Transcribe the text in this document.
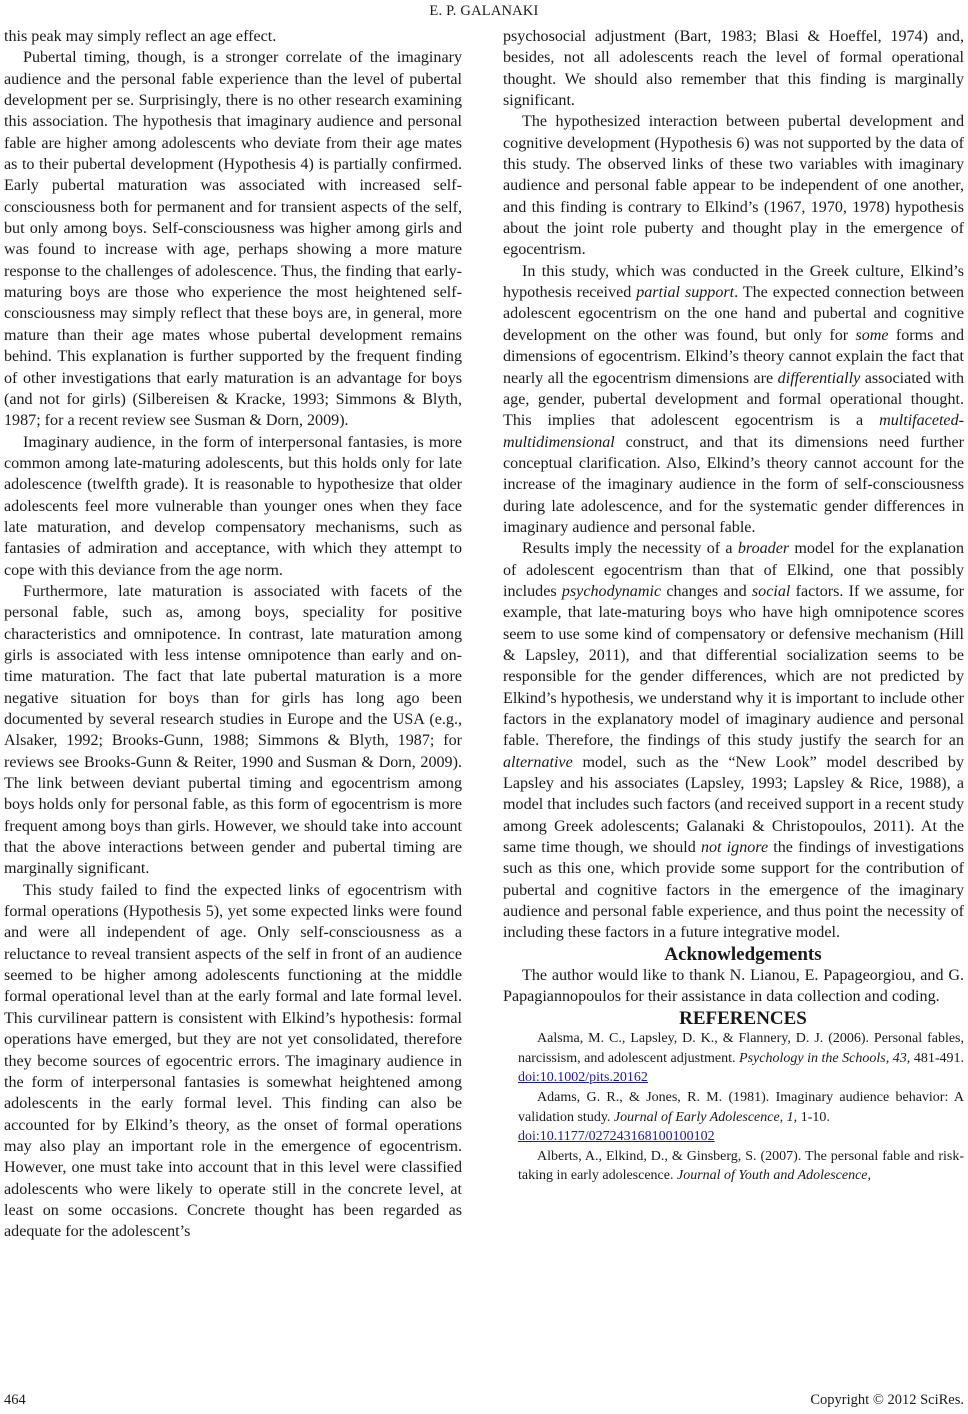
E. P. GALANAKI

this peak may simply reflect an age effect.

Pubertal timing, though, is a stronger correlate of the imaginary audience and the personal fable experience than the level of pubertal development per se. Surprisingly, there is no other research examining this association. The hypothesis that imaginary audience and personal fable are higher among adolescents who deviate from their age mates as to their pubertal development (Hypothesis 4) is partially confirmed. Early pubertal maturation was associated with increased self-consciousness both for permanent and for transient aspects of the self, but only among boys. Self-consciousness was higher among girls and was found to increase with age, perhaps showing a more mature response to the challenges of adolescence. Thus, the finding that early-maturing boys are those who experience the most heightened self-consciousness may simply reflect that these boys are, in general, more mature than their age mates whose pubertal development remains behind. This explanation is further supported by the frequent finding of other investigations that early maturation is an advantage for boys (and not for girls) (Silbereisen & Kracke, 1993; Simmons & Blyth, 1987; for a recent review see Susman & Dorn, 2009).

Imaginary audience, in the form of interpersonal fantasies, is more common among late-maturing adolescents, but this holds only for late adolescence (twelfth grade). It is reasonable to hypothesize that older adolescents feel more vulnerable than younger ones when they face late maturation, and develop compensatory mechanisms, such as fantasies of admiration and acceptance, with which they attempt to cope with this deviance from the age norm.

Furthermore, late maturation is associated with facets of the personal fable, such as, among boys, speciality for positive characteristics and omnipotence. In contrast, late maturation among girls is associated with less intense omnipotence than early and on-time maturation. The fact that late pubertal maturation is a more negative situation for boys than for girls has long ago been documented by several research studies in Europe and the USA (e.g., Alsaker, 1992; Brooks-Gunn, 1988; Simmons & Blyth, 1987; for reviews see Brooks-Gunn & Reiter, 1990 and Susman & Dorn, 2009). The link between deviant pubertal timing and egocentrism among boys holds only for personal fable, as this form of egocentrism is more frequent among boys than girls. However, we should take into account that the above interactions between gender and pubertal timing are marginally significant.

This study failed to find the expected links of egocentrism with formal operations (Hypothesis 5), yet some expected links were found and were all independent of age. Only self-consciousness as a reluctance to reveal transient aspects of the self in front of an audience seemed to be higher among adolescents functioning at the middle formal operational level than at the early formal and late formal level. This curvilinear pattern is consistent with Elkind’s hypothesis: formal operations have emerged, but they are not yet consolidated, therefore they become sources of egocentric errors. The imaginary audience in the form of interpersonal fantasies is somewhat heightened among adolescents in the early formal level. This finding can also be accounted for by Elkind’s theory, as the onset of formal operations may also play an important role in the emergence of egocentrism. However, one must take into account that in this level were classified adolescents who were likely to operate still in the concrete level, at least on some occasions. Concrete thought has been regarded as adequate for the adolescent’s

psychosocial adjustment (Bart, 1983; Blasi & Hoeffel, 1974) and, besides, not all adolescents reach the level of formal operational thought. We should also remember that this finding is marginally significant.

The hypothesized interaction between pubertal development and cognitive development (Hypothesis 6) was not supported by the data of this study. The observed links of these two variables with imaginary audience and personal fable appear to be independent of one another, and this finding is contrary to Elkind’s (1967, 1970, 1978) hypothesis about the joint role puberty and thought play in the emergence of egocentrism.

In this study, which was conducted in the Greek culture, Elkind’s hypothesis received partial support. The expected connection between adolescent egocentrism on the one hand and pubertal and cognitive development on the other was found, but only for some forms and dimensions of egocentrism. Elkind’s theory cannot explain the fact that nearly all the egocentrism dimensions are differentially associated with age, gender, pubertal development and formal operational thought. This implies that adolescent egocentrism is a multifaceted-multidimensional construct, and that its dimensions need further conceptual clarification. Also, Elkind’s theory cannot account for the increase of the imaginary audience in the form of self-consciousness during late adolescence, and for the systematic gender differences in imaginary audience and personal fable.

Results imply the necessity of a broader model for the explanation of adolescent egocentrism than that of Elkind, one that possibly includes psychodynamic changes and social factors. If we assume, for example, that late-maturing boys who have high omnipotence scores seem to use some kind of compensatory or defensive mechanism (Hill & Lapsley, 2011), and that differential socialization seems to be responsible for the gender differences, which are not predicted by Elkind’s hypothesis, we understand why it is important to include other factors in the explanatory model of imaginary audience and personal fable. Therefore, the findings of this study justify the search for an alternative model, such as the “New Look” model described by Lapsley and his associates (Lapsley, 1993; Lapsley & Rice, 1988), a model that includes such factors (and received support in a recent study among Greek adolescents; Galanaki & Christopoulos, 2011). At the same time though, we should not ignore the findings of investigations such as this one, which provide some support for the contribution of pubertal and cognitive factors in the emergence of the imaginary audience and personal fable experience, and thus point the necessity of including these factors in a future integrative model.

Acknowledgements

The author would like to thank N. Lianou, E. Papageorgiou, and G. Papagiannopoulos for their assistance in data collection and coding.

REFERENCES

Aalsma, M. C., Lapsley, D. K., & Flannery, D. J. (2006). Personal fables, narcissism, and adolescent adjustment. Psychology in the Schools, 43, 481-491. doi:10.1002/pits.20162

Adams, G. R., & Jones, R. M. (1981). Imaginary audience behavior: A validation study. Journal of Early Adolescence, 1, 1-10.
doi:10.1177/027243168100100102

Alberts, A., Elkind, D., & Ginsberg, S. (2007). The personal fable and risk-taking in early adolescence. Journal of Youth and Adolescence,

464	Copyright © 2012 SciRes.
